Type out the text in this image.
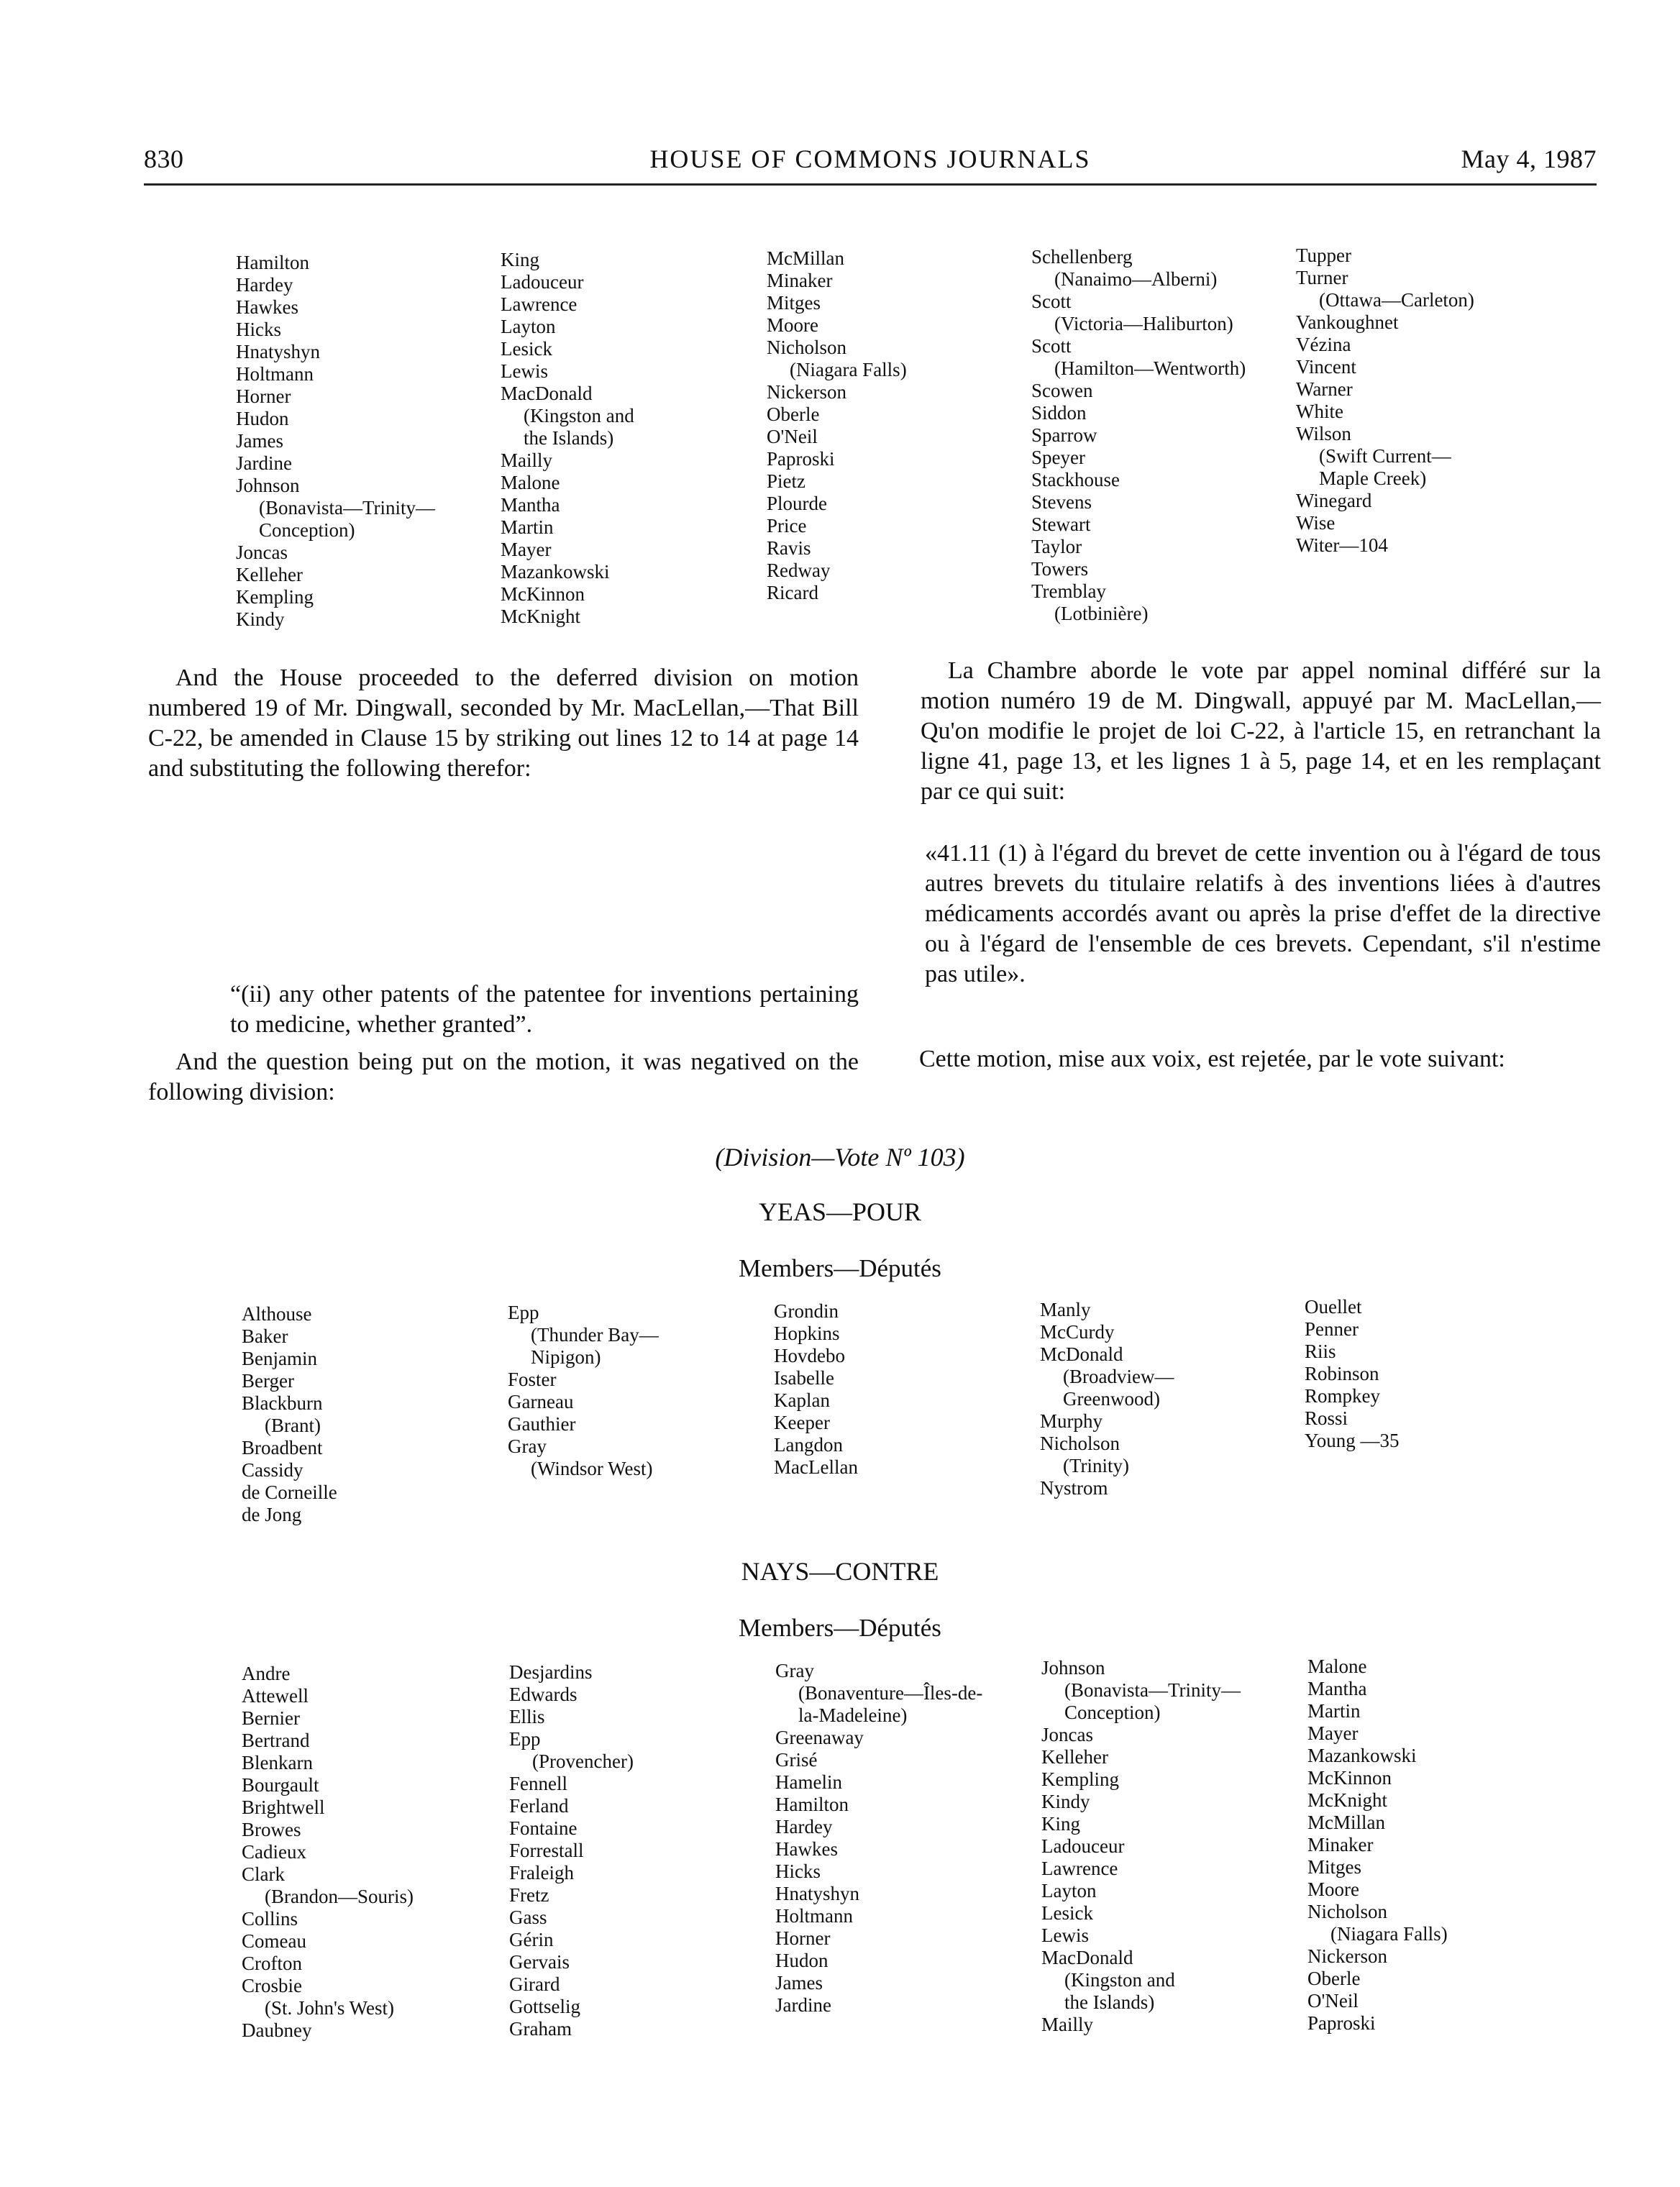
830	HOUSE OF COMMONS JOURNALS	May 4, 1987
Hamilton
Hardey
Hawkes
Hicks
Hnatyshyn
Holtmann
Horner
Hudon
James
Jardine
Johnson
(Bonavista—Trinity—
Conception)
Joncas
Kelleher
Kempling
Kindy
King
Ladouceur
Lawrence
Layton
Lesick
Lewis
MacDonald
(Kingston and
the Islands)
Mailly
Malone
Mantha
Martin
Mayer
Mazankowski
McKinnon
McKnight
McMillan
Minaker
Mitges
Moore
Nicholson
(Niagara Falls)
Nickerson
Oberle
O'Neil
Paproski
Pietz
Plourde
Price
Ravis
Redway
Ricard
Schellenberg
(Nanaimo—Alberni)
Scott
(Victoria—Haliburton)
Scott
(Hamilton—Wentworth)
Scowen
Siddon
Sparrow
Speyer
Stackhouse
Stevens
Stewart
Taylor
Towers
Tremblay
(Lotbinière)
Tupper
Turner
(Ottawa—Carleton)
Vankoughnet
Vézina
Vincent
Warner
White
Wilson
(Swift Current—
Maple Creek)
Winegard
Wise
Witer—104
And the House proceeded to the deferred division on motion numbered 19 of Mr. Dingwall, seconded by Mr. MacLellan,—That Bill C-22, be amended in Clause 15 by striking out lines 12 to 14 at page 14 and substituting the following therefor:
“(ii) any other patents of the patentee for inventions pertaining to medicine, whether granted”.
And the question being put on the motion, it was negatived on the following division:
La Chambre aborde le vote par appel nominal différé sur la motion numéro 19 de M. Dingwall, appuyé par M. MacLellan,—Qu'on modifie le projet de loi C-22, à l'article 15, en retranchant la ligne 41, page 13, et les lignes 1 à 5, page 14, et en les remplaçant par ce qui suit:
«41.11 (1) à l'égard du brevet de cette invention ou à l'égard de tous autres brevets du titulaire relatifs à des inventions liées à d'autres médicaments accordés avant ou après la prise d'effet de la directive ou à l'égard de l'ensemble de ces brevets. Cependant, s'il n'estime pas utile».
Cette motion, mise aux voix, est rejetée, par le vote suivant:
(Division—Vote Nº 103)
YEAS—POUR
Members—Députés
Althouse
Baker
Benjamin
Berger
Blackburn
(Brant)
Broadbent
Cassidy
de Corneille
de Jong
Epp
(Thunder Bay—
Nipigon)
Foster
Garneau
Gauthier
Gray
(Windsor West)
Grondin
Hopkins
Hovdebo
Isabelle
Kaplan
Keeper
Langdon
MacLellan
Manly
McCurdy
McDonald
(Broadview—
Greenwood)
Murphy
Nicholson
(Trinity)
Nystrom
Ouellet
Penner
Riis
Robinson
Rompkey
Rossi
Young —35
NAYS—CONTRE
Members—Députés
Andre
Attewell
Bernier
Bertrand
Blenkarn
Bourgault
Brightwell
Browes
Cadieux
Clark
(Brandon—Souris)
Collins
Comeau
Crofton
Crosbie
(St. John's West)
Daubney
Desjardins
Edwards
Ellis
Epp
(Provencher)
Fennell
Ferland
Fontaine
Forrestall
Fraleigh
Fretz
Gass
Gérin
Gervais
Girard
Gottselig
Graham
Gray
(Bonaventure—Îles-de-
la-Madeleine)
Greenaway
Grisé
Hamelin
Hamilton
Hardey
Hawkes
Hicks
Hnatyshyn
Holtmann
Horner
Hudon
James
Jardine
Johnson
(Bonavista—Trinity—
Conception)
Joncas
Kelleher
Kempling
Kindy
King
Ladouceur
Lawrence
Layton
Lesick
Lewis
MacDonald
(Kingston and
the Islands)
Mailly
Malone
Mantha
Martin
Mayer
Mazankowski
McKinnon
McKnight
McMillan
Minaker
Mitges
Moore
Nicholson
(Niagara Falls)
Nickerson
Oberle
O'Neil
Paproski
